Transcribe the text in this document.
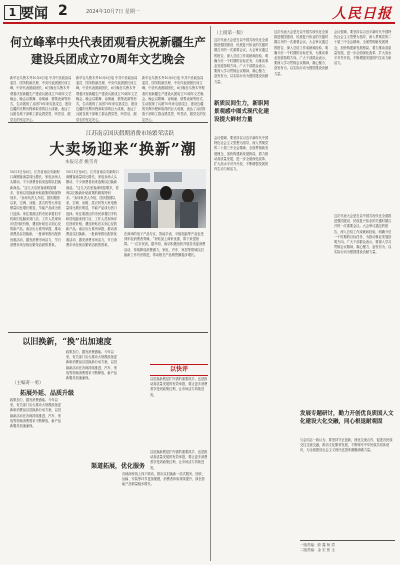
1 要闻 2	2024年10月7日 星期一	人民日报
何立峰率中央代表团观看庆祝新疆生产建设兵团成立70周年文艺晚会
新华社乌鲁木齐10月6日电 中共中央政治局委员、国务院副总理、中央代表团团长何立峰，中央代表团副团长，6日晚在乌鲁木齐观看庆祝新疆生产建设兵团成立70周年文艺晚会。晚会以歌舞、诗朗诵、情景表演等形式，生动展现了兵团70年来屯垦戍边、建设边疆的光辉历程和取得的巨大成就，表达了兵团各族干部职工群众感党恩、听党话、跟党走的坚定决心。
新华社乌鲁木齐10月6日电 中共中央政治局委员、国务院副总理、中央代表团团长何立峰，中央代表团副团长，6日晚在乌鲁木齐观看庆祝新疆生产建设兵团成立70周年文艺晚会。晚会以歌舞、诗朗诵、情景表演等形式，生动展现了兵团70年来屯垦戍边、建设边疆的光辉历程和取得的巨大成就，表达了兵团各族干部职工群众感党恩、听党话、跟党走的坚定决心。
新华社乌鲁木齐10月6日电 中共中央政治局委员、国务院副总理、中央代表团团长何立峰，中央代表团副团长，6日晚在乌鲁木齐观看庆祝新疆生产建设兵团成立70周年文艺晚会。晚会以歌舞、诗朗诵、情景表演等形式，生动展现了兵团70年来屯垦戍边、建设边疆的光辉历程和取得的巨大成就，表达了兵团各族干部职工群众感党恩、听党话、跟党走的坚定决心。
江苏南京国庆假期消费市场繁荣活跃
大卖场迎来“换新”潮
本报记者 姚雪青
10月1日至6日，江苏省南京市新街口商圈客流量同比增长，家电卖场人头攒动，不少消费者前来选购以旧换新商品。“这几天店里客流明显增多，咨询以旧换新补贴政策的顾客特别多。”卖场负责人介绍，国庆假期以来，空调、冰箱、洗衣机等大家电销量同比增长明显，节能产品成为热门选择。家住秦淮区的市民拿着旧手机和旧电脑来到门店，工作人员现场评估回收价格，叠加补贴后买到心仪的新产品。南京出台系列举措，推动消费品以旧换新，一批商家推出配套优惠活动，激发消费市场活力，节日消费市场呈现出繁荣活跃的景象。
10月1日至6日，江苏省南京市新街口商圈客流量同比增长，家电卖场人头攒动，不少消费者前来选购以旧换新商品。“这几天店里客流明显增多，咨询以旧换新补贴政策的顾客特别多。”卖场负责人介绍，国庆假期以来，空调、冰箱、洗衣机等大家电销量同比增长明显，节能产品成为热门选择。家住秦淮区的市民拿着旧手机和旧电脑来到门店，工作人员现场评估回收价格，叠加补贴后买到心仪的新产品。南京出台系列举措，推动消费品以旧换新，一批商家推出配套优惠活动，激发消费市场活力，节日消费市场呈现出繁荣活跃的景象。
在商场的电子产品专区，智能手表、平板电脑等产品也受到年轻消费者青睐。“补贴加上商家优惠，算下来很划算。”一位市民说。据介绍，南京积极组织开展各类促消费活动，持续释放消费潜力，家电、汽车、家居等领域以旧换新工作有序推进，带动相关产品销售额稳步增长。
以旧换新，“换”出加速度
以快评
以旧换新既是扩内需的重要抓手，也是推动高质量发展的有效举措，要让更多消费者享受到政策红利，让市场活力持续迸发。
（主编寄一勇）
拓展外延、品质升级
政策加力，激发消费潜能。今年以来，有关部门出台推动大规模设备更新和消费品以旧换新行动方案，以旧换新活动在各地持续推进，汽车、家电等领域消费需求不断释放，新产品新服务加速涌现。
政策加力，激发消费潜能。今年以来，有关部门出台推动大规模设备更新和消费品以旧换新行动方案，以旧换新活动在各地持续推进，汽车、家电等领域消费需求不断释放，新产品新服务加速涌现。
渠道拓展，优化服务
各地商家线上线下联动，推出以旧换新一站式服务，回收、运输、安装等环节更加便捷，消费者体验持续提升，绿色智能产品销量稳步增长。
以旧换新既是扩内需的重要抓手，也是推动高质量发展的有效举措，要让更多消费者享受到政策红利，让市场活力持续迸发。
（上接第一版）
这次代表大会是在以中国式现代化全面推进强国建设、民族复兴伟业的关键时期召开的一次重要会议。大会审议通过的报告，深入总结工作成就和经验，明确今后一个时期的目标任务，为推动事业发展指明方向。广大干部群众表示，要深入学习贯彻会议精神，凝心聚力、奋发有为，以实际行动为强国建设贡献力量。
新质民间生力，新职网景观感中图式现代化建设提大鲜材力量
会议强调，要坚持以习近平新时代中国特色社会主义思想为指导，深入贯彻党的二十届三中全会精神，全面贯彻新发展理念，加快构建新发展格局，着力推动高质量发展，进一步全面深化改革，扩大高水平对外开放，不断增强发展的内生动力和活力。
这次代表大会是在以中国式现代化全面推进强国建设、民族复兴伟业的关键时期召开的一次重要会议。大会审议通过的报告，深入总结工作成就和经验，明确今后一个时期的目标任务，为推动事业发展指明方向。广大干部群众表示，要深入学习贯彻会议精神，凝心聚力、奋发有为，以实际行动为强国建设贡献力量。
会议强调，要坚持以习近平新时代中国特色社会主义思想为指导，深入贯彻党的二十届三中全会精神，全面贯彻新发展理念，加快构建新发展格局，着力推动高质量发展，进一步全面深化改革，扩大高水平对外开放，不断增强发展的内生动力和活力。
这次代表大会是在以中国式现代化全面推进强国建设、民族复兴伟业的关键时期召开的一次重要会议。大会审议通过的报告，深入总结工作成就和经验，明确今后一个时期的目标任务，为推动事业发展指明方向。广大干部群众表示，要深入学习贯彻会议精神，凝心聚力、奋发有为，以实际行动为强国建设贡献力量。
发展专题研讨，勤力开创优良质国人文化建设大化交融，同心根退耐观固
与会同志一致认为，要坚持守正创新，深化交流合作，促进各民族交往交流交融，推动文化繁荣发展，不断铸牢中华民族共同体意识，为全面建设社会主义现代化国家凝聚磅礴力量。
一版责编：薛 露 杨 眉
二版责编：金 宏 张 玉
